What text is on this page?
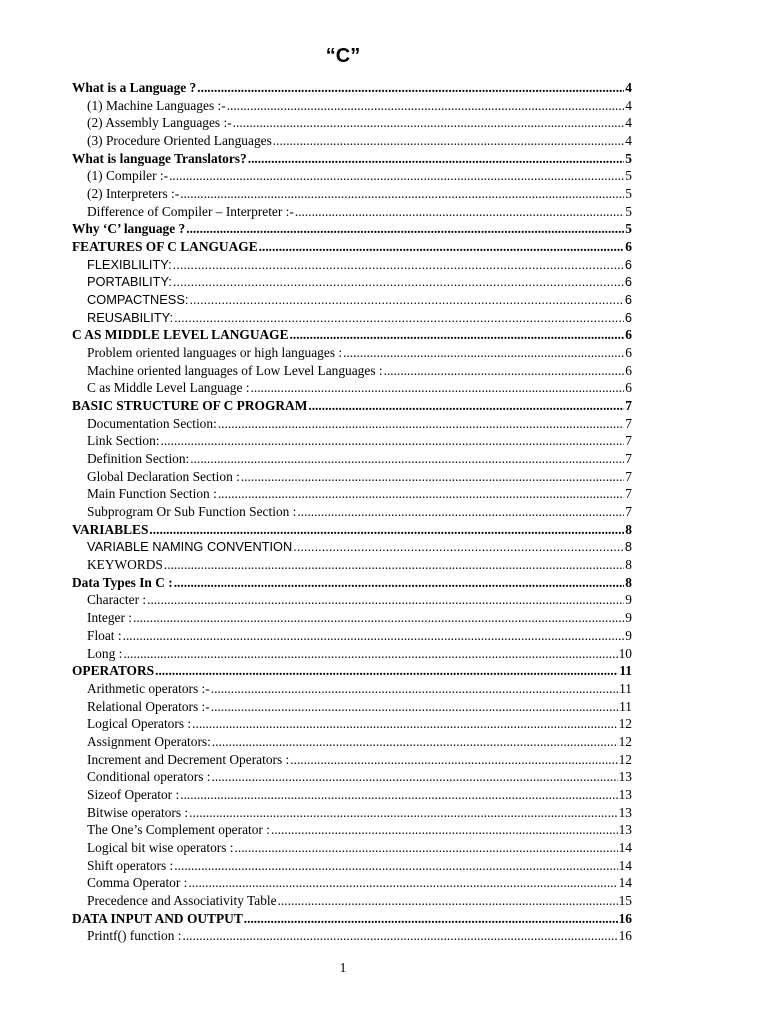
“C”
What is a Language ? .....	4
(1) Machine Languages :- .....	4
(2) Assembly Languages :- .....	4
(3) Procedure Oriented Languages .....	4
What is language Translators? .....	5
(1) Compiler :- .....	5
(2) Interpreters :- .....	5
Difference of Compiler – Interpreter :- .....	5
Why ‘C’ language ? .....	5
FEATURES OF C LANGUAGE .....	6
FLEXIBLILITY: .....	6
PORTABILITY: .....	6
COMPACTNESS: .....	6
REUSABILITY: .....	6
C AS MIDDLE LEVEL LANGUAGE .....	6
Problem oriented languages or high languages : .....	6
Machine oriented languages of Low Level Languages : .....	6
C as Middle Level Language : .....	6
BASIC STRUCTURE OF C PROGRAM .....	7
Documentation Section: .....	7
Link Section: .....	7
Definition Section: .....	7
Global Declaration Section : .....	7
Main Function Section : .....	7
Subprogram Or Sub Function Section : .....	7
VARIABLES .....	8
VARIABLE NAMING CONVENTION .....	8
KEYWORDS .....	8
Data Types In C : .....	8
Character : .....	9
Integer : .....	9
Float : .....	9
Long : .....	10
OPERATORS .....	11
Arithmetic operators :- .....	11
Relational Operators :- .....	11
Logical Operators : .....	12
Assignment Operators: .....	12
Increment and Decrement Operators : .....	12
Conditional operators : .....	13
Sizeof Operator : .....	13
Bitwise operators : .....	13
The One’s Complement operator : .....	13
Logical bit wise operators : .....	14
Shift operators : .....	14
Comma Operator : .....	14
Precedence and Associativity Table .....	15
DATA INPUT AND OUTPUT .....	16
Printf() function : .....	16
1
